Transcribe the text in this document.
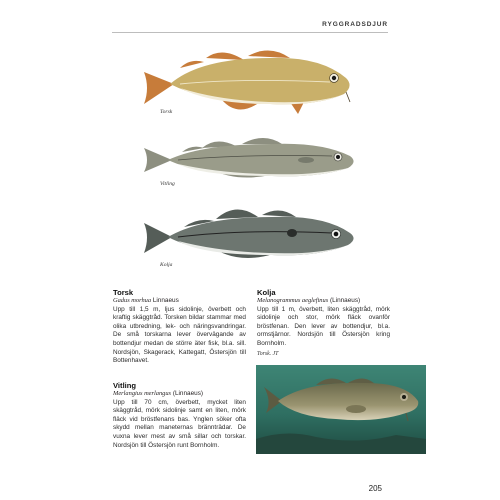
RYGGRADSDJUR
Torsk
Vitling
Kolja
Torsk
Gadus morhua Linnaeus

Upp till 1,5 m, ljus sidolinje, överbett och kraftig skäggtråd. Torsken bildar stammar med olika utbredning, lek- och näringsvandringar. De små torskarna lever övervägande av bottendjur medan de större äter fisk, bl.a. sill. Nordsjön, Skagerack, Kattegatt, Östersjön till Bottenhavet.

Vitling
Merlangius merlangus (Linnaeus)

Upp till 70 cm, överbett, mycket liten skäggtråd, mörk sidolinje samt en liten, mörk fläck vid bröstfenans bas. Ynglen söker ofta skydd mellan maneternas brännträdar. De vuxna lever mest av små sillar och torskar. Nordsjön till Östersjön runt Bornholm.

Kolja
Melanogrammus aeglefinus (Linnaeus)

Upp till 1 m, överbett, liten skäggtråd, mörk sidolinje och stor, mörk fläck ovanför bröstfenan. Den lever av bottendjur, bl.a. ormstjärnor. Nordsjön till Östersjön kring Bornholm.

Torsk. JT
205
